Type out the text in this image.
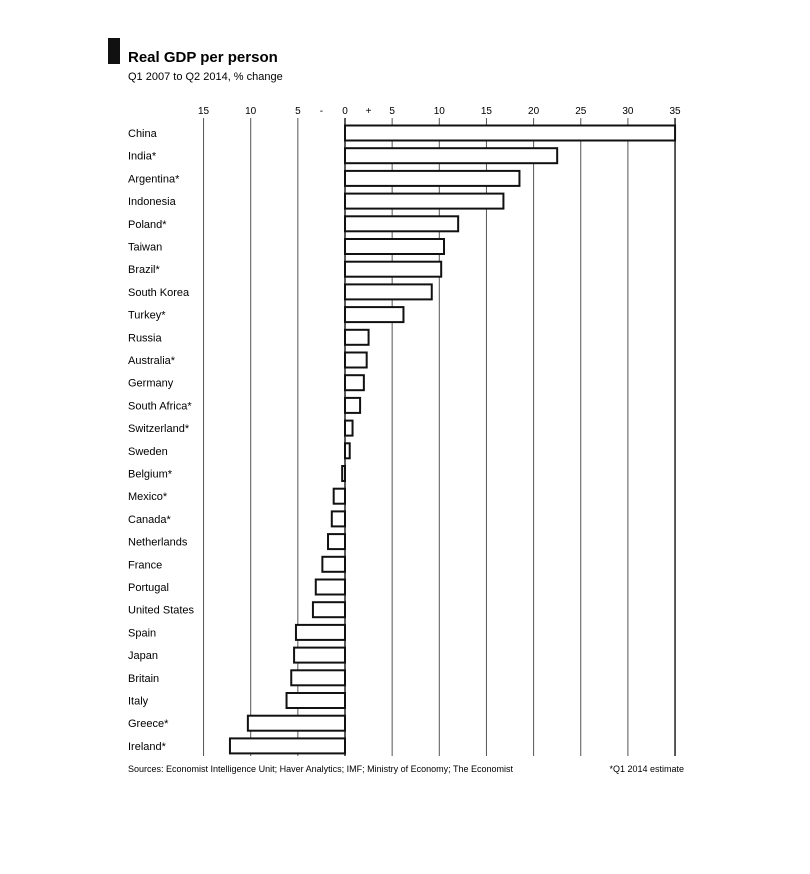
Real GDP per person
Q1 2007 to Q2 2014, % change
15	10	5 - 0 + 5	10	15	20	25	30	35
China
India*
Argentina*
Indonesia
Poland*
Taiwan
Brazil*
South Korea
Turkey*
Russia
Australia*
Germany
South Africa*
Switzerland*
Sweden
Belgium*
Mexico*
Canada*
Netherlands
France
Portugal
United States
Spain
Japan
Britain
Italy
Greece*
Ireland*
Sources: Economist Intelligence Unit; Haver Analytics; IMF; Ministry of Economy; The Economist	*Q1 2014 estimate
